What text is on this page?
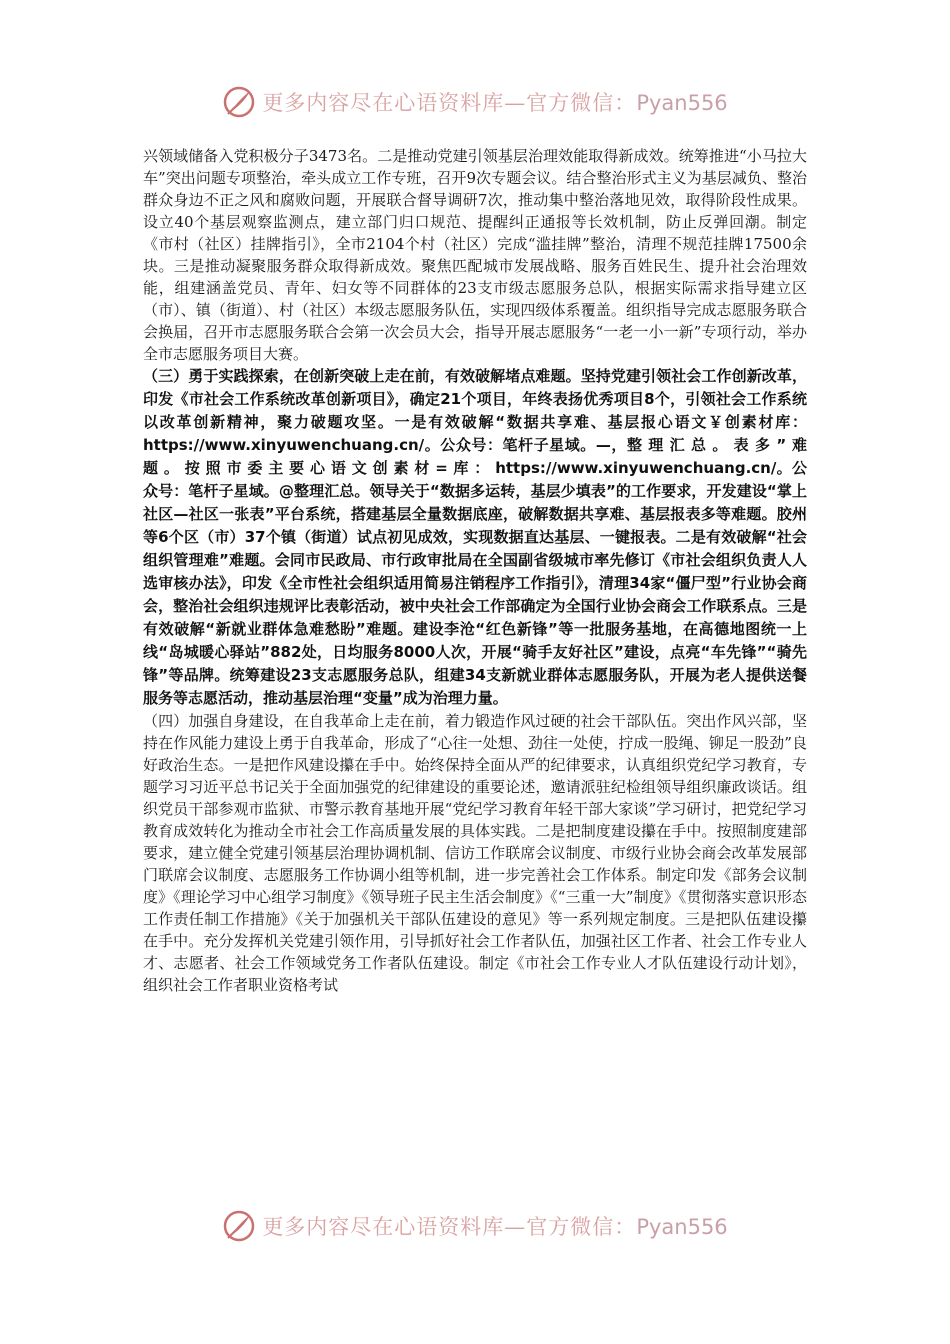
更多内容尽在心语资料库—官方微信：Pyan556

兴领域储备入党积极分子3473名。二是推动党建引领基层治理效能取得新成效。统筹推进“小马拉大车”突出问题专项整治，牵头成立工作专班，召开9次专题会议。结合整治形式主义为基层减负、整治群众身边不正之风和腐败问题，开展联合督导调研7次，推动集中整治落地见效，取得阶段性成果。设立40个基层观察监测点，建立部门归口规范、提醒纠正通报等长效机制，防止反弹回潮。制定《市村（社区）挂牌指引》，全市2104个村（社区）完成“滥挂牌”整治，清理不规范挂牌17500余块。三是推动凝聚服务群众取得新成效。聚焦匹配城市发展战略、服务百姓民生、提升社会治理效能，组建涵盖党员、青年、妇女等不同群体的23支市级志愿服务总队，根据实际需求指导建立区（市）、镇（街道）、村（社区）本级志愿服务队伍，实现四级体系覆盖。组织指导完成志愿服务联合会换届，召开市志愿服务联合会第一次会员大会，指导开展志愿服务“一老一小一新”专项行动，举办全市志愿服务项目大赛。

（三）勇于实践探索，在创新突破上走在前，有效破解堵点难题。坚持党建引领社会工作创新改革，印发《市社会工作系统改革创新项目》，确定21个项目，年终表扬优秀项目8个，引领社会工作系统以改革创新精神，聚力破题攻坚。一是有效破解“数据共享难、基层报心语文￥创素材库：https://www.xinyuwenchuang.cn/。公众号：笔杆子星域。—，整 理 汇 总 。 表 多 ” 难 题 。 按 照 市 委 主 要 心 语 文 创 素 材 = 库 ： https://www.xinyuwenchuang.cn/。公众号：笔杆子星域。@整理汇总。领导关于“数据多运转，基层少填表”的工作要求，开发建设“掌上社区—社区一张表”平台系统，搭建基层全量数据底座，破解数据共享难、基层报表多等难题。胶州等6个区（市）37个镇（街道）试点初见成效，实现数据直达基层、一键报表。二是有效破解“社会组织管理难”难题。会同市民政局、市行政审批局在全国副省级城市率先修订《市社会组织负责人人选审核办法》，印发《全市性社会组织适用简易注销程序工作指引》，清理34家“僵尸型”行业协会商会，整治社会组织违规评比表彰活动，被中央社会工作部确定为全国行业协会商会工作联系点。三是有效破解“新就业群体急难愁盼”难题。建设李沧“红色新锋”等一批服务基地，在高德地图统一上线“岛城暖心驿站”882处，日均服务8000人次，开展“骑手友好社区”建设，点亮“车先锋”“骑先锋”等品牌。统筹建设23支志愿服务总队，组建34支新就业群体志愿服务队，开展为老人提供送餐服务等志愿活动，推动基层治理“变量”成为治理力量。

（四）加强自身建设，在自我革命上走在前，着力锻造作风过硬的社会干部队伍。突出作风兴部，坚持在作风能力建设上勇于自我革命，形成了“心往一处想、劲往一处使，拧成一股绳、铆足一股劲”良好政治生态。一是把作风建设攥在手中。始终保持全面从严的纪律要求，认真组织党纪学习教育，专题学习习近平总书记关于全面加强党的纪律建设的重要论述，邀请派驻纪检组领导组织廉政谈话。组织党员干部参观市监狱、市警示教育基地开展“党纪学习教育年轻干部大家谈”学习研讨，把党纪学习教育成效转化为推动全市社会工作高质量发展的具体实践。二是把制度建设攥在手中。按照制度建部要求，建立健全党建引领基层治理协调机制、信访工作联席会议制度、市级行业协会商会改革发展部门联席会议制度、志愿服务工作协调小组等机制，进一步完善社会工作体系。制定印发《部务会议制度》《理论学习中心组学习制度》《领导班子民主生活会制度》《“三重一大”制度》《贯彻落实意识形态工作责任制工作措施》《关于加强机关干部队伍建设的意见》等一系列规定制度。三是把队伍建设攥在手中。充分发挥机关党建引领作用，引导抓好社会工作者队伍，加强社区工作者、社会工作专业人才、志愿者、社会工作领域党务工作者队伍建设。制定《市社会工作专业人才队伍建设行动计划》，组织社会工作者职业资格考试

更多内容尽在心语资料库—官方微信：Pyan556
